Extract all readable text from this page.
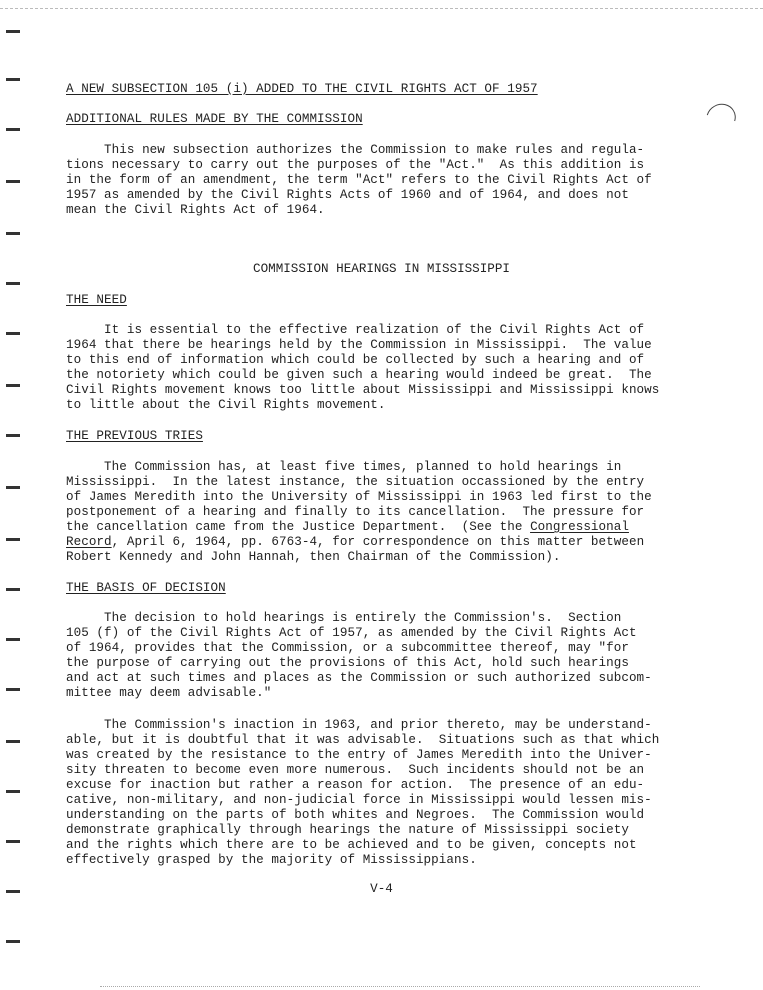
A NEW SUBSECTION 105 (i) ADDED TO THE CIVIL RIGHTS ACT OF 1957
ADDITIONAL RULES MADE BY THE COMMISSION
This new subsection authorizes the Commission to make rules and regula-
tions necessary to carry out the purposes of the "Act."  As this addition is
in the form of an amendment, the term "Act" refers to the Civil Rights Act of
1957 as amended by the Civil Rights Acts of 1960 and of 1964, and does not
mean the Civil Rights Act of 1964.
COMMISSION HEARINGS IN MISSISSIPPI
THE NEED
It is essential to the effective realization of the Civil Rights Act of
1964 that there be hearings held by the Commission in Mississippi.  The value
to this end of information which could be collected by such a hearing and of
the notoriety which could be given such a hearing would indeed be great.  The
Civil Rights movement knows too little about Mississippi and Mississippi knows
to little about the Civil Rights movement.
THE PREVIOUS TRIES
The Commission has, at least five times, planned to hold hearings in
Mississippi.  In the latest instance, the situation occassioned by the entry
of James Meredith into the University of Mississippi in 1963 led first to the
postponement of a hearing and finally to its cancellation.  The pressure for
the cancellation came from the Justice Department.  (See the Congressional
Record, April 6, 1964, pp. 6763-4, for correspondence on this matter between
Robert Kennedy and John Hannah, then Chairman of the Commission).
THE BASIS OF DECISION
The decision to hold hearings is entirely the Commission's.  Section
105 (f) of the Civil Rights Act of 1957, as amended by the Civil Rights Act
of 1964, provides that the Commission, or a subcommittee thereof, may "for
the purpose of carrying out the provisions of this Act, hold such hearings
and act at such times and places as the Commission or such authorized subcom-
mittee may deem advisable."
The Commission's inaction in 1963, and prior thereto, may be understand-
able, but it is doubtful that it was advisable.  Situations such as that which
was created by the resistance to the entry of James Meredith into the Univer-
sity threaten to become even more numerous.  Such incidents should not be an
excuse for inaction but rather a reason for action.  The presence of an edu-
cative, non-military, and non-judicial force in Mississippi would lessen mis-
understanding on the parts of both whites and Negroes.  The Commission would
demonstrate graphically through hearings the nature of Mississippi society
and the rights which there are to be achieved and to be given, concepts not
effectively grasped by the majority of Mississippians.
V-4
